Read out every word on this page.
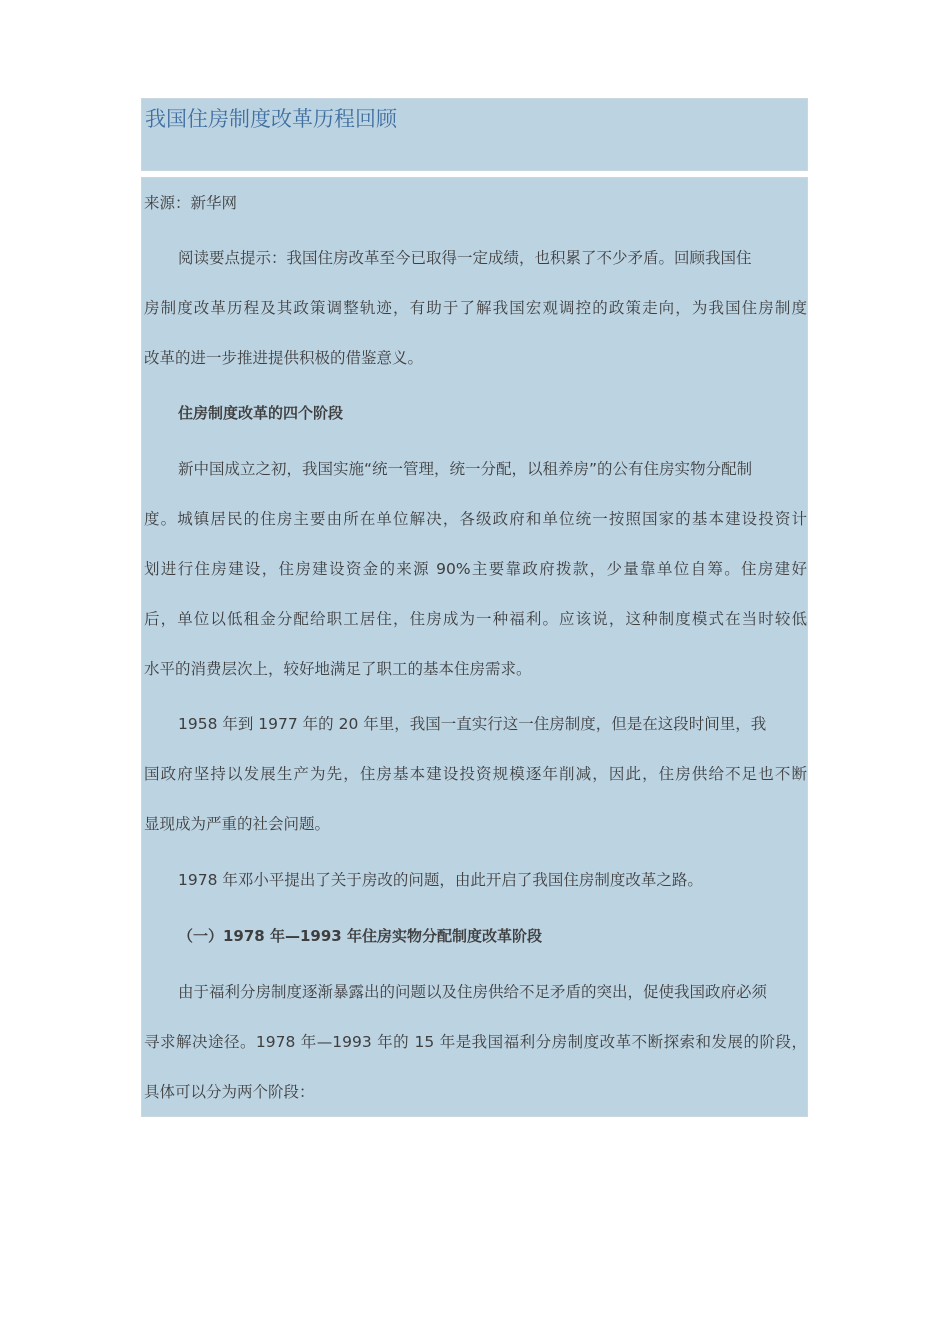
我国住房制度改革历程回顾

来源：新华网

阅读要点提示：我国住房改革至今已取得一定成绩，也积累了不少矛盾。回顾我国住

房制度改革历程及其政策调整轨迹，有助于了解我国宏观调控的政策走向，为我国住房制度

改革的进一步推进提供积极的借鉴意义。

住房制度改革的四个阶段

新中国成立之初，我国实施“统一管理，统一分配，以租养房”的公有住房实物分配制

度。城镇居民的住房主要由所在单位解决，各级政府和单位统一按照国家的基本建设投资计

划进行住房建设，住房建设资金的来源 90%主要靠政府拨款，少量靠单位自筹。住房建好

后，单位以低租金分配给职工居住，住房成为一种福利。应该说，这种制度模式在当时较低

水平的消费层次上，较好地满足了职工的基本住房需求。

1958 年到 1977 年的 20 年里，我国一直实行这一住房制度，但是在这段时间里，我

国政府坚持以发展生产为先，住房基本建设投资规模逐年削减，因此，住房供给不足也不断

显现成为严重的社会问题。

1978 年邓小平提出了关于房改的问题，由此开启了我国住房制度改革之路。

（一）1978 年—1993 年住房实物分配制度改革阶段

由于福利分房制度逐渐暴露出的问题以及住房供给不足矛盾的突出，促使我国政府必须

寻求解决途径。1978 年—1993 年的 15 年是我国福利分房制度改革不断探索和发展的阶段，

具体可以分为两个阶段：
